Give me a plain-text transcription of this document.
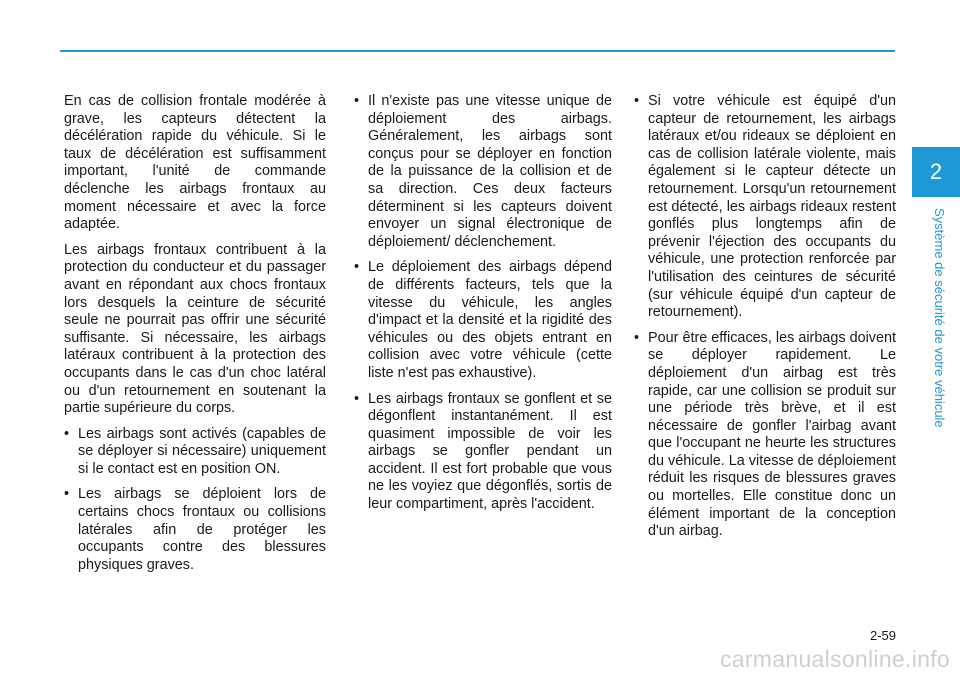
2
Système de sécurité de votre véhicule

En cas de collision frontale modérée à grave, les capteurs détectent la décélération rapide du véhicule. Si le taux de décélération est suffisamment important, l'unité de commande déclenche les airbags frontaux au moment nécessaire et avec la force adaptée.

Les airbags frontaux contribuent à la protection du conducteur et du passager avant en répondant aux chocs frontaux lors desquels la ceinture de sécurité seule ne pourrait pas offrir une sécurité suffisante. Si nécessaire, les airbags latéraux contribuent à la protection des occupants dans le cas d'un choc latéral ou d'un retournement en soutenant la partie supérieure du corps.

• Les airbags sont activés (capables de se déployer si nécessaire) uniquement si le contact est en position ON.

• Les airbags se déploient lors de certains chocs frontaux ou collisions latérales afin de protéger les occupants contre des blessures physiques graves.

• Il n'existe pas une vitesse unique de déploiement des airbags. Généralement, les airbags sont conçus pour se déployer en fonction de la puissance de la collision et de sa direction. Ces deux facteurs déterminent si les capteurs doivent envoyer un signal électronique de déploiement/ déclenchement.

• Le déploiement des airbags dépend de différents facteurs, tels que la vitesse du véhicule, les angles d'impact et la densité et la rigidité des véhicules ou des objets entrant en collision avec votre véhicule (cette liste n'est pas exhaustive).

• Les airbags frontaux se gonflent et se dégonflent instantanément. Il est quasiment impossible de voir les airbags se gonfler pendant un accident. Il est fort probable que vous ne les voyiez que dégonflés, sortis de leur compartiment, après l'accident.

• Si votre véhicule est équipé d'un capteur de retournement, les airbags latéraux et/ou rideaux se déploient en cas de collision latérale violente, mais également si le capteur détecte un retournement. Lorsqu'un retournement est détecté, les airbags rideaux restent gonflés plus longtemps afin de prévenir l'éjection des occupants du véhicule, une protection renforcée par l'utilisation des ceintures de sécurité (sur véhicule équipé d'un capteur de retournement).

• Pour être efficaces, les airbags doivent se déployer rapidement. Le déploiement d'un airbag est très rapide, car une collision se produit sur une période très brève, et il est nécessaire de gonfler l'airbag avant que l'occupant ne heurte les structures du véhicule. La vitesse de déploiement réduit les risques de blessures graves ou mortelles. Elle constitue donc un élément important de la conception d'un airbag.

2-59
carmanualsonline.info
